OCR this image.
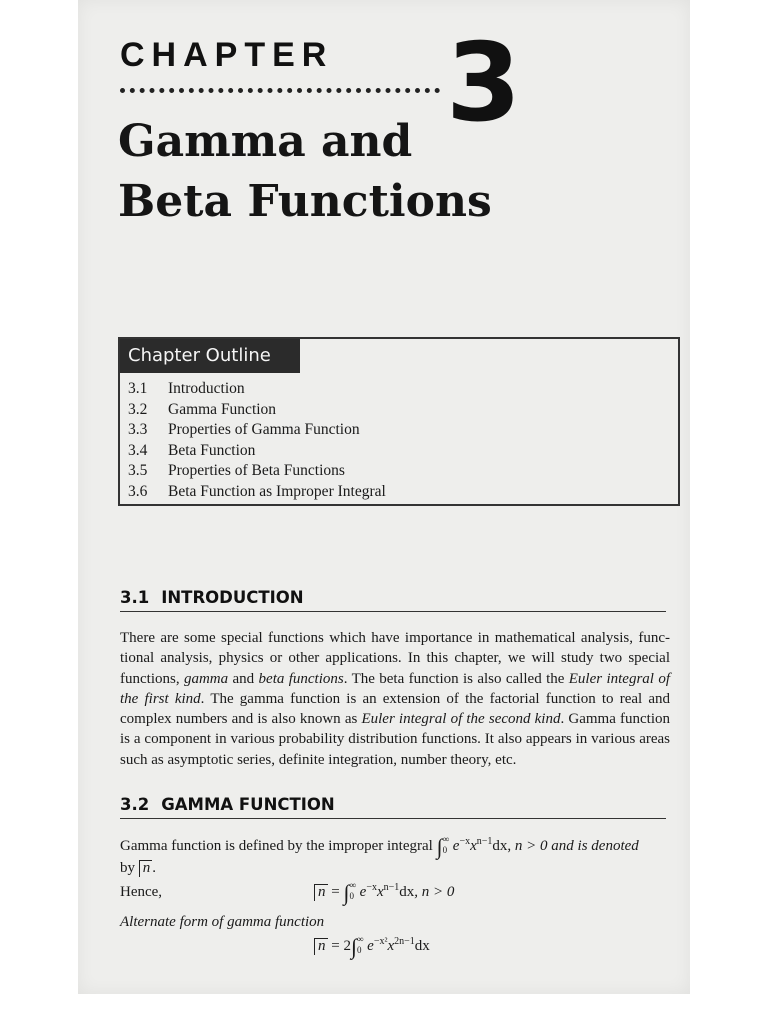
CHAPTER 3
Gamma and
Beta Functions
Chapter Outline
3.1 Introduction
3.2 Gamma Function
3.3 Properties of Gamma Function
3.4 Beta Function
3.5 Properties of Beta Functions
3.6 Beta Function as Improper Integral
3.1 INTRODUCTION

There are some special functions which have importance in mathematical analysis, func-tional analysis, physics or other applications. In this chapter, we will study two special functions, gamma and beta functions. The beta function is also called the Euler integral of the first kind. The gamma function is an extension of the factorial function to real and complex numbers and is also known as Euler integral of the second kind. Gamma function is a component in various probability distribution functions. It also appears in various areas such as asymptotic series, definite integration, number theory, etc.

3.2 GAMMA FUNCTION
Gamma function is defined by the improper integral ∫∞
0 $e^{-x}x^{n-1}dx$, n > 0 and is denoted
by n .
Hence,	n = ∫∞
0 $e^{-x}x^{n-1}dx$, n > 0
Alternate form of gamma function
n = 2∫∞
0 $e^{-x^2}x^{2n-1}dx$
